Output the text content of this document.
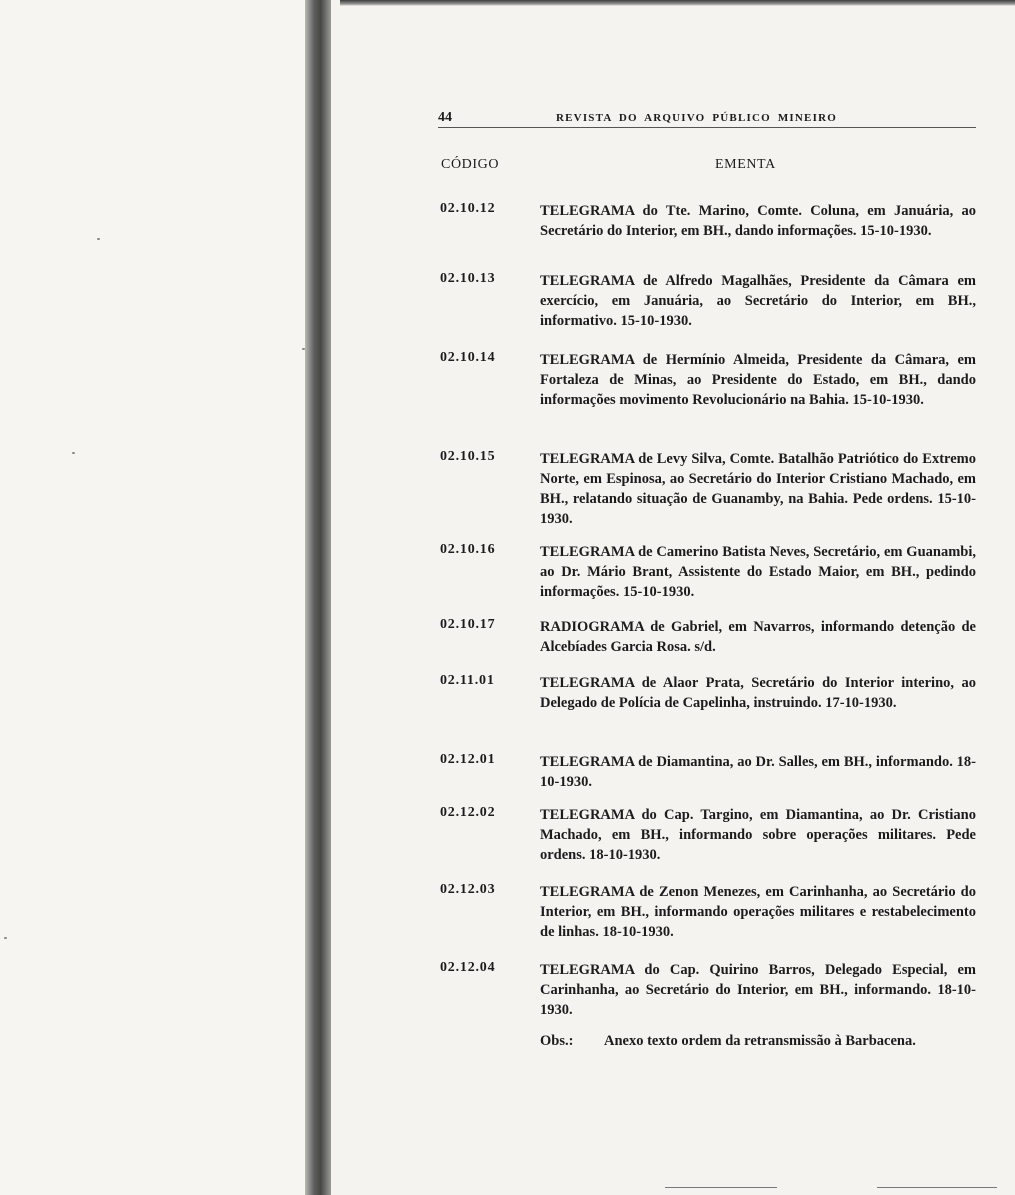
44	REVISTA DO ARQUIVO PÚBLICO MINEIRO
CÓDIGO	EMENTA
02.10.12	TELEGRAMA do Tte. Marino, Comte. Coluna, em Januária, ao Secretário do Interior, em BH., dando informações. 15-10-1930.
02.10.13	TELEGRAMA de Alfredo Magalhães, Presidente da Câmara em exercício, em Januária, ao Secretário do Interior, em BH., informativo. 15-10-1930.
02.10.14	TELEGRAMA de Hermínio Almeida, Presidente da Câmara, em Fortaleza de Minas, ao Presidente do Estado, em BH., dando informações movimento Revolucionário na Bahia. 15-10-1930.
02.10.15	TELEGRAMA de Levy Silva, Comte. Batalhão Patriótico do Extremo Norte, em Espinosa, ao Secretário do Interior Cristiano Machado, em BH., relatando situação de Guanamby, na Bahia. Pede ordens. 15-10-1930.
02.10.16	TELEGRAMA de Camerino Batista Neves, Secretário, em Guanambi, ao Dr. Mário Brant, Assistente do Estado Maior, em BH., pedindo informações. 15-10-1930.
02.10.17	RADIOGRAMA de Gabriel, em Navarros, informando detenção de Alcebíades Garcia Rosa. s/d.
02.11.01	TELEGRAMA de Alaor Prata, Secretário do Interior interino, ao Delegado de Polícia de Capelinha, instruindo. 17-10-1930.
02.12.01	TELEGRAMA de Diamantina, ao Dr. Salles, em BH., informando. 18-10-1930.
02.12.02	TELEGRAMA do Cap. Targino, em Diamantina, ao Dr. Cristiano Machado, em BH., informando sobre operações militares. Pede ordens. 18-10-1930.
02.12.03	TELEGRAMA de Zenon Menezes, em Carinhanha, ao Secretário do Interior, em BH., informando operações militares e restabelecimento de linhas. 18-10-1930.
02.12.04	TELEGRAMA do Cap. Quirino Barros, Delegado Especial, em Carinhanha, ao Secretário do Interior, em BH., informando. 18-10-1930.
Obs.: Anexo texto ordem da retransmissão à Barbacena.
